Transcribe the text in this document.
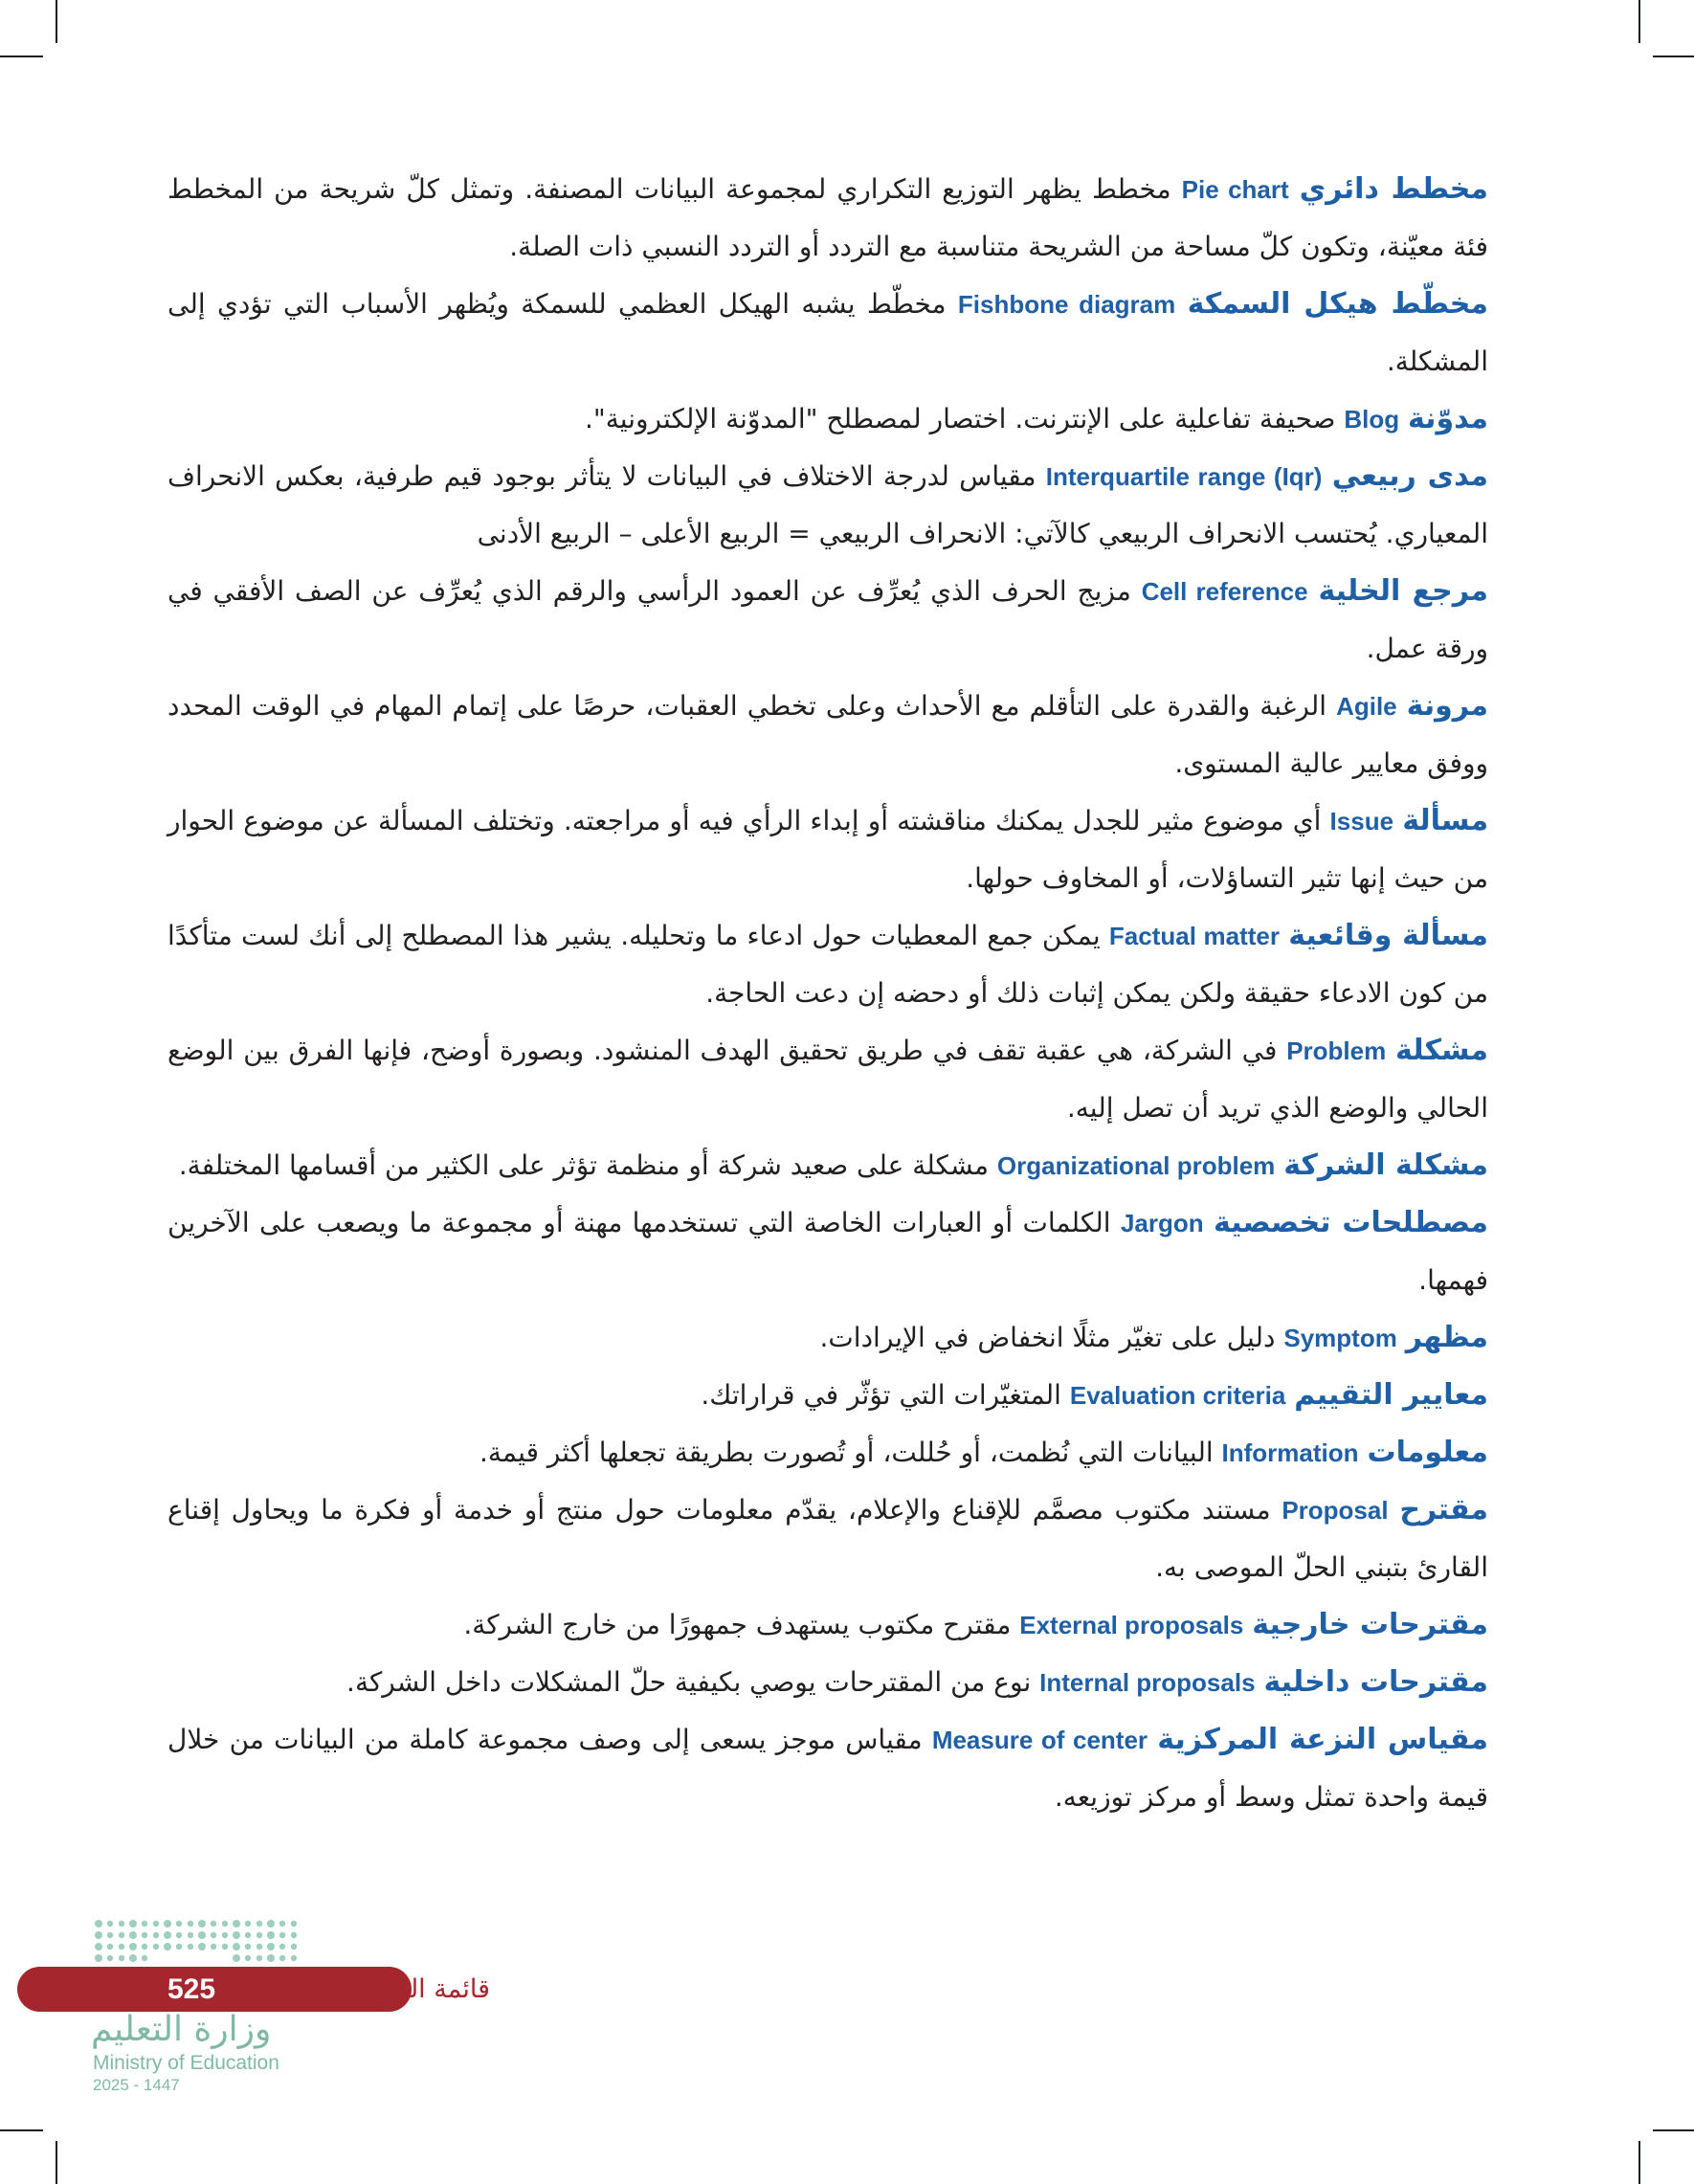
مخطط دائري Pie chart مخطط يظهر التوزيع التكراري لمجموعة البيانات المصنفة. وتمثل كلّ شريحة من المخطط فئة معيّنة، وتكون كلّ مساحة من الشريحة متناسبة مع التردد أو التردد النسبي ذات الصلة.

مخطّط هيكل السمكة Fishbone diagram مخطّط يشبه الهيكل العظمي للسمكة ويُظهر الأسباب التي تؤدي إلى المشكلة.

مدوّنة Blog صحيفة تفاعلية على الإنترنت. اختصار لمصطلح "المدوّنة الإلكترونية".

مدى ربيعي Interquartile range (Iqr) مقياس لدرجة الاختلاف في البيانات لا يتأثر بوجود قيم طرفية، بعكس الانحراف المعياري. يُحتسب الانحراف الربيعي كالآتي: الانحراف الربيعي = الربيع الأعلى – الربيع الأدنى

مرجع الخلية Cell reference مزيج الحرف الذي يُعرِّف عن العمود الرأسي والرقم الذي يُعرِّف عن الصف الأفقي في ورقة عمل.

مرونة Agile الرغبة والقدرة على التأقلم مع الأحداث وعلى تخطي العقبات، حرصًا على إتمام المهام في الوقت المحدد ووفق معايير عالية المستوى.

مسألة Issue أي موضوع مثير للجدل يمكنك مناقشته أو إبداء الرأي فيه أو مراجعته. وتختلف المسألة عن موضوع الحوار من حيث إنها تثير التساؤلات، أو المخاوف حولها.

مسألة وقائعية Factual matter يمكن جمع المعطيات حول ادعاء ما وتحليله. يشير هذا المصطلح إلى أنك لست متأكدًا من كون الادعاء حقيقة ولكن يمكن إثبات ذلك أو دحضه إن دعت الحاجة.

مشكلة Problem في الشركة، هي عقبة تقف في طريق تحقيق الهدف المنشود. وبصورة أوضح، فإنها الفرق بين الوضع الحالي والوضع الذي تريد أن تصل إليه.

مشكلة الشركة Organizational problem مشكلة على صعيد شركة أو منظمة تؤثر على الكثير من أقسامها المختلفة.

مصطلحات تخصصية Jargon الكلمات أو العبارات الخاصة التي تستخدمها مهنة أو مجموعة ما ويصعب على الآخرين فهمها.

مظهر Symptom دليل على تغيّر مثلًا انخفاض في الإيرادات.

معايير التقييم Evaluation criteria المتغيّرات التي تؤثّر في قراراتك.

معلومات Information البيانات التي نُظمت، أو حُللت، أو تُصورت بطريقة تجعلها أكثر قيمة.

مقترح Proposal مستند مكتوب مصمَّم للإقناع والإعلام، يقدّم معلومات حول منتج أو خدمة أو فكرة ما ويحاول إقناع القارئ بتبني الحلّ الموصى به.

مقترحات خارجية External proposals مقترح مكتوب يستهدف جمهورًا من خارج الشركة.

مقترحات داخلية Internal proposals نوع من المقترحات يوصي بكيفية حلّ المشكلات داخل الشركة.

مقياس النزعة المركزية Measure of center مقياس موجز يسعى إلى وصف مجموعة كاملة من البيانات من خلال قيمة واحدة تمثل وسط أو مركز توزيعه.

525	قائمة المصطلحات
وزارة التعليم
Ministry of Education
2025 - 1447
